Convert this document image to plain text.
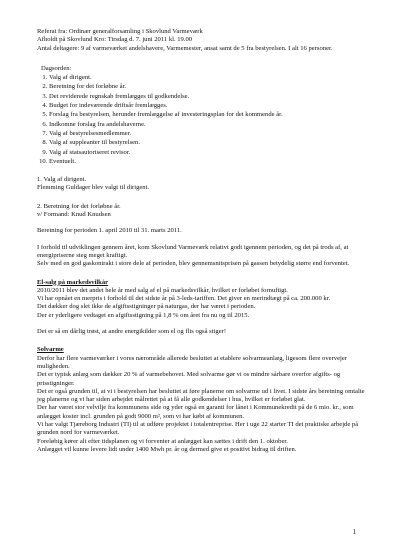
Referat fra: Ordinær generalforsamling i Skovlund Varmeværk

Afholdt på Skovlund Kro: Tirsdag d. 7. juni 2011 kl. 19.00

Antal deltagere: 9 af varmeværket andelshavere, Varmemester, ansat samt de 5 fra bestyrelsen. I alt 16 personer.

Dagsorden:

1. Valg af dirigent.
2. Beretning for det forløbne år.
3. Det reviderede regnskab fremlægges til godkendelse.
4. Budget for indeværende driftsår fremlægges.
5. Forslag fra bestyrelsen, herunder fremlæggelse af investeringsplan for det kommende år.
6. Indkomne forslag fra andelshaverne.
7. Valg af bestyrelsesmedlemmer.
8. Valg af suppleanter til bestyrelsen.
9. Valg af statsautoriseret revisor.
10. Eventuelt.

1. Valg af dirigent.

Flemming Guldager blev valgt til dirigent.

2. Beretning for det forløbne år.

v/ Formand: Knud Knudsen

Beretning for perioden 1. april 2010 til 31. marts 2011.

I forhold til udviklingen gennem året, kom Skovlund Varmeværk relativt godt igennem perioden, og det på trods af, at energipriserne steg meget kraftigt.

Selv med en god gaskontrakt i store dele af perioden, blev gennemsnitsprisen på gassen betydelig større end forventet.

El-salg på markedsvilkår

2010/2011 blev det andet hele år med salg af el på markedsvilkår, hvilket er forløbet fornuftigt.

Vi har opnået en merpris i forhold til det sidste år på 3-leds-tariffen. Det giver en merindtægt på ca. 200.000 kr.

Det dækker dog slet ikke de afgiftsstigninger på naturgas, der har været i perioden.

Der er yderligere vedtaget en afgiftsstigning på 1,8 % om året fra nu og til 2015.

Det er så en dårlig trøst, at andre energikilder som el og flis også stiger!

Solvarme

Derfor har flere varmeværker i vores nærområde allerede besluttet at etablere solvarmeanlæg, ligesom flere overvejer muligheden.

Det er typisk anlæg som dækker 20 % af varmebehovet. Med solvarme gør vi os mindre sårbare overfor afgifts- og prisstigninger.

Det er også grunden til, at vi i bestyrelsen har besluttet at føre planerne om solvarme ud i livet. I sidste års beretning omtalte jeg planerne og vi har siden arbejdet målrettet på at få alle godkendelser i hus, hvilket er forløbet glat.

Der har været stor velvilje fra kommunens side og yder også en garanti for lånet i Kommunekredit på de 6 mio. kr., som anlægget koster incl. grunden på godt 9000 m², som vi har købt af kommunen.

Vi har valgt Tjæreborg Industri (TI) til at udføre projektet i totalentreprise. Her i uge 22 starter TI det praktiske arbejde på grunden nord for varmeværket.

Foreløbig kører alt efter tidsplanen og vi forventer at anlægget kan sættes i drift den 1. oktober.

Anlægget vil kunne levere lidt under 1400 Mwh pr. år og dermed give et positivt bidrag til driften.

1
